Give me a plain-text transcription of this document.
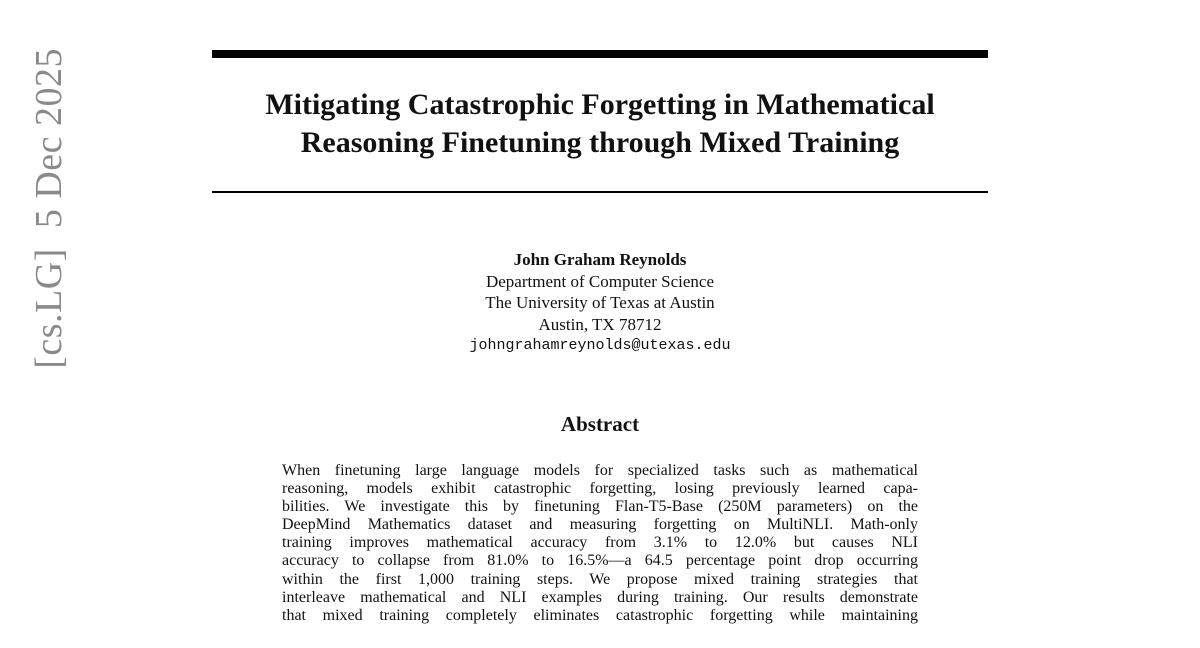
Mitigating Catastrophic Forgetting in Mathematical
Reasoning Finetuning through Mixed Training
John Graham Reynolds
Department of Computer Science
The University of Texas at Austin
Austin, TX 78712
johngrahamreynolds@utexas.edu
Abstract
When finetuning large language models for specialized tasks such as mathematical
reasoning, models exhibit catastrophic forgetting, losing previously learned capa-
bilities. We investigate this by finetuning Flan-T5-Base (250M parameters) on the
DeepMind Mathematics dataset and measuring forgetting on MultiNLI. Math-only
training improves mathematical accuracy from 3.1% to 12.0% but causes NLI
accuracy to collapse from 81.0% to 16.5%—a 64.5 percentage point drop occurring
within the first 1,000 training steps. We propose mixed training strategies that
interleave mathematical and NLI examples during training. Our results demonstrate
that mixed training completely eliminates catastrophic forgetting while maintaining
[cs.LG]  5 Dec 2025
